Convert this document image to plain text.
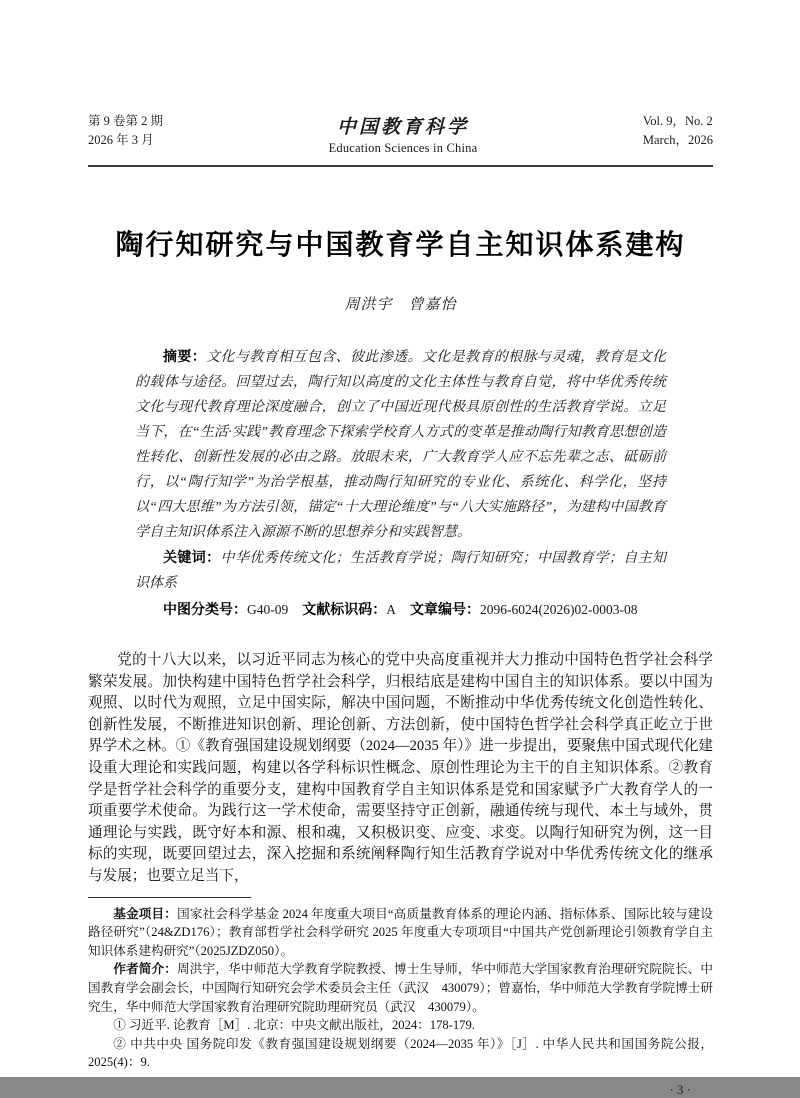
第 9 卷第 2 期
2026 年 3 月
中国教育科学
Education Sciences in China
Vol. 9，No. 2
March，2026
陶行知研究与中国教育学自主知识体系建构
周洪宇　曾嘉怡

摘要：文化与教育相互包含、彼此渗透。文化是教育的根脉与灵魂，教育是文化的载体与途径。回望过去，陶行知以高度的文化主体性与教育自觉，将中华优秀传统文化与现代教育理论深度融合，创立了中国近现代极具原创性的生活教育学说。立足当下，在“生活·实践”教育理念下探索学校育人方式的变革是推动陶行知教育思想创造性转化、创新性发展的必由之路。放眼未来，广大教育学人应不忘先辈之志、砥砺前行，以“陶行知学”为治学根基，推动陶行知研究的专业化、系统化、科学化，坚持以“四大思维”为方法引领，锚定“十大理论维度”与“八大实施路径”，为建构中国教育学自主知识体系注入源源不断的思想养分和实践智慧。

关键词：中华优秀传统文化；生活教育学说；陶行知研究；中国教育学；自主知识体系

中图分类号：G40-09　 文献标识码：A　 文章编号：2096-6024(2026)02-0003-08

党的十八大以来，以习近平同志为核心的党中央高度重视并大力推动中国特色哲学社会科学繁荣发展。加快构建中国特色哲学社会科学，归根结底是建构中国自主的知识体系。要以中国为观照、以时代为观照，立足中国实际，解决中国问题，不断推动中华优秀传统文化创造性转化、创新性发展，不断推进知识创新、理论创新、方法创新，使中国特色哲学社会科学真正屹立于世界学术之林。①《教育强国建设规划纲要（2024—2035 年）》进一步提出，要聚焦中国式现代化建设重大理论和实践问题，构建以各学科标识性概念、原创性理论为主干的自主知识体系。②教育学是哲学社会科学的重要分支，建构中国教育学自主知识体系是党和国家赋予广大教育学人的一项重要学术使命。为践行这一学术使命，需要坚持守正创新，融通传统与现代、本土与域外，贯通理论与实践，既守好本和源、根和魂，又积极识变、应变、求变。以陶行知研究为例，这一目标的实现，既要回望过去，深入挖掘和系统阐释陶行知生活教育学说对中华优秀传统文化的继承与发展；也要立足当下，

基金项目：国家社会科学基金 2024 年度重大项目“高质量教育体系的理论内涵、指标体系、国际比较与建设路径研究”（24&ZD176）；教育部哲学社会科学研究 2025 年度重大专项项目“中国共产党创新理论引领教育学自主知识体系建构研究”（2025JZDZ050）。

作者简介：周洪宇，华中师范大学教育学院教授、博士生导师，华中师范大学国家教育治理研究院院长、中国教育学会副会长，中国陶行知研究会学术委员会主任（武汉　430079）；曾嘉怡，华中师范大学教育学院博士研究生，华中师范大学国家教育治理研究院助理研究员（武汉　430079）。

① 习近平. 论教育［M］. 北京：中央文献出版社，2024：178-179.

② 中共中央 国务院印发《教育强国建设规划纲要（2024—2035 年）》［J］. 中华人民共和国国务院公报，2025(4)：9.

· 3 ·
